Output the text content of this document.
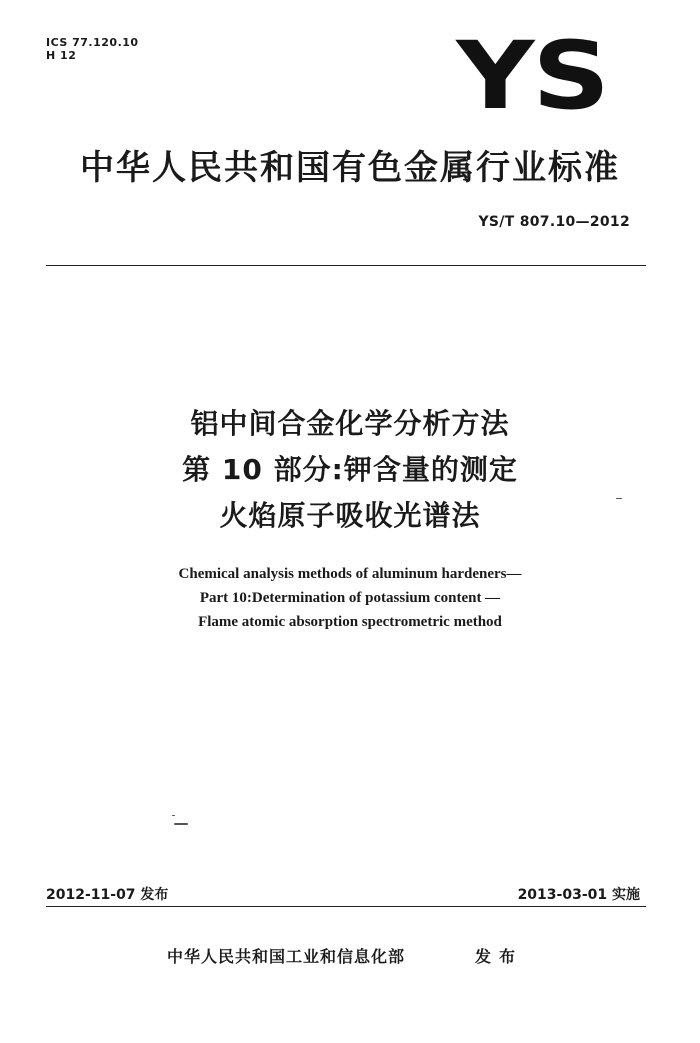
ICS 77.120.10
H 12	YS
中华人民共和国有色金属行业标准
YS/T 807.10—2012
铝中间合金化学分析方法
第 10 部分:钾含量的测定
火焰原子吸收光谱法
Chemical analysis methods of aluminum hardeners—
Part 10:Determination of potassium content —
Flame atomic absorption spectrometric method
2012-11-07 发布	2013-03-01 实施
中华人民共和国工业和信息化部	发布
